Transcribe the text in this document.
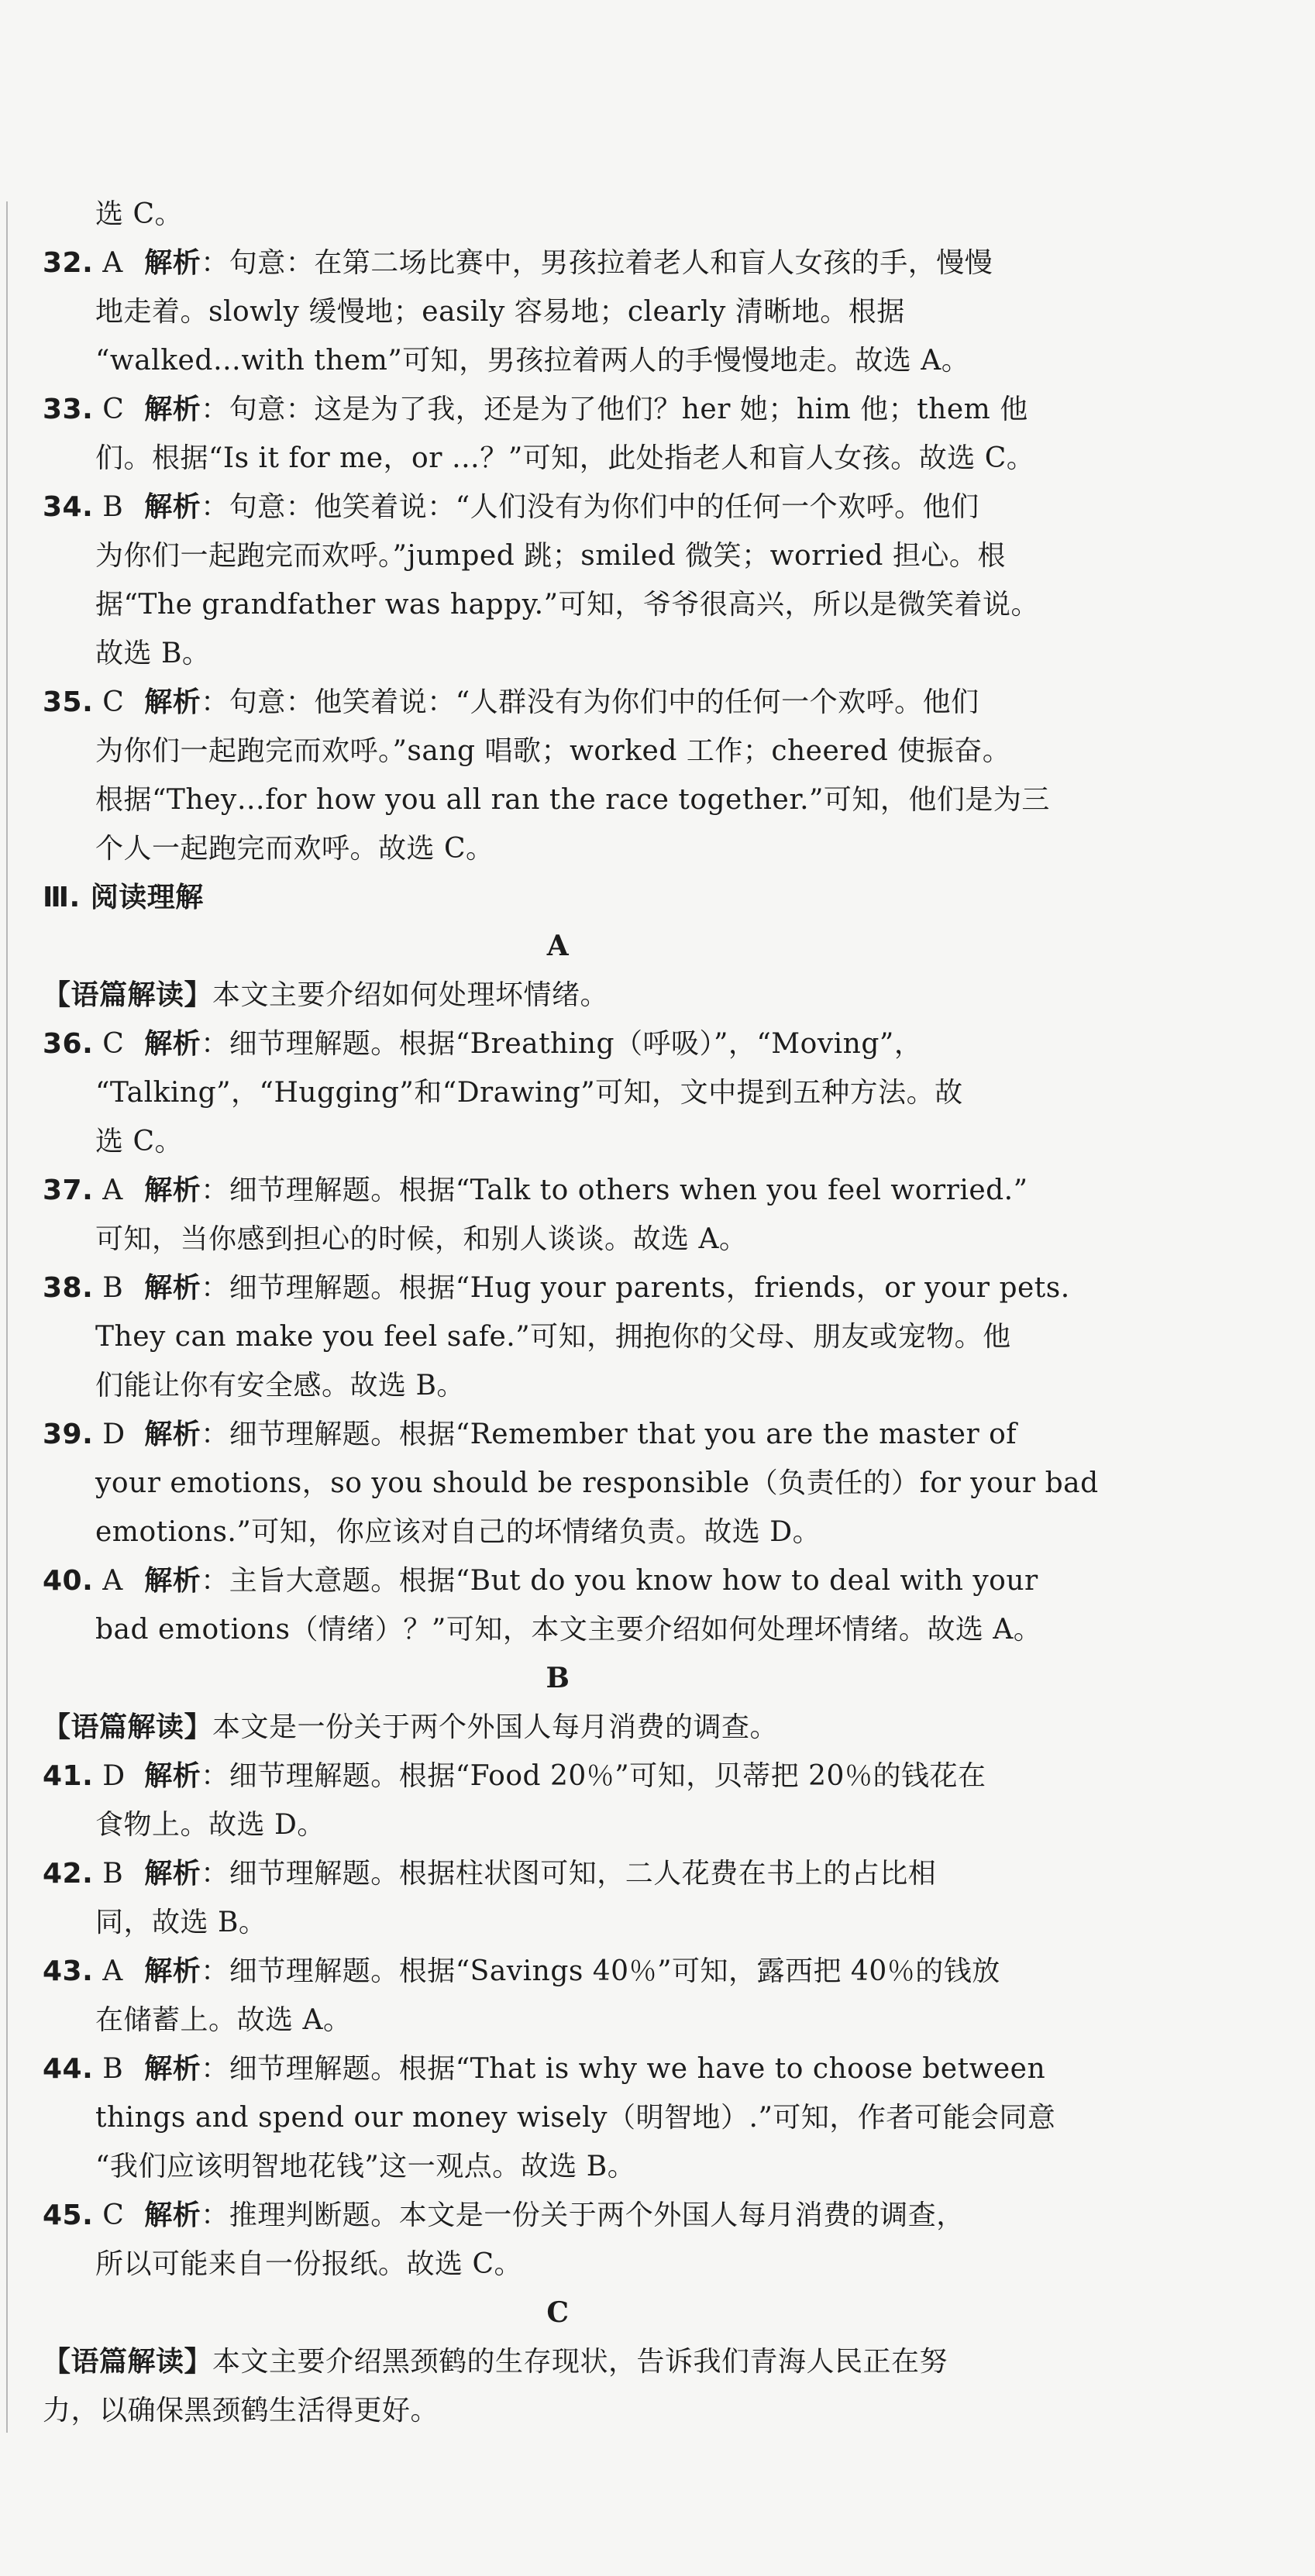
选 C。
32. A 解析：句意：在第二场比赛中，男孩拉着老人和盲人女孩的手，慢慢
地走着。slowly 缓慢地；easily 容易地；clearly 清晰地。根据
“walked…with them”可知，男孩拉着两人的手慢慢地走。故选 A。
33. C 解析：句意：这是为了我，还是为了他们？her 她；him 他；them 他
们。根据“Is it for me，or …？”可知，此处指老人和盲人女孩。故选 C。
34. B 解析：句意：他笑着说：“人们没有为你们中的任何一个欢呼。他们
为你们一起跑完而欢呼。”jumped 跳；smiled 微笑；worried 担心。根
据“The grandfather was happy.”可知，爷爷很高兴，所以是微笑着说。
故选 B。
35. C 解析：句意：他笑着说：“人群没有为你们中的任何一个欢呼。他们
为你们一起跑完而欢呼。”sang 唱歌；worked 工作；cheered 使振奋。
根据“They…for how you all ran the race together.”可知，他们是为三
个人一起跑完而欢呼。故选 C。
Ⅲ. 阅读理解
A
【语篇解读】本文主要介绍如何处理坏情绪。
36. C 解析：细节理解题。根据“Breathing（呼吸）”，“Moving”，
“Talking”，“Hugging”和“Drawing”可知，文中提到五种方法。故
选 C。
37. A 解析：细节理解题。根据“Talk to others when you feel worried.”
可知，当你感到担心的时候，和别人谈谈。故选 A。
38. B 解析：细节理解题。根据“Hug your parents，friends，or your pets.
They can make you feel safe.”可知，拥抱你的父母、朋友或宠物。他
们能让你有安全感。故选 B。
39. D 解析：细节理解题。根据“Remember that you are the master of
your emotions，so you should be responsible（负责任的）for your bad
emotions.”可知，你应该对自己的坏情绪负责。故选 D。
40. A 解析：主旨大意题。根据“But do you know how to deal with your
bad emotions（情绪）？”可知，本文主要介绍如何处理坏情绪。故选 A。
B
【语篇解读】本文是一份关于两个外国人每月消费的调查。
41. D 解析：细节理解题。根据“Food 20％”可知，贝蒂把 20％的钱花在
食物上。故选 D。
42. B 解析：细节理解题。根据柱状图可知，二人花费在书上的占比相
同，故选 B。
43. A 解析：细节理解题。根据“Savings 40％”可知，露西把 40％的钱放
在储蓄上。故选 A。
44. B 解析：细节理解题。根据“That is why we have to choose between
things and spend our money wisely（明智地）.”可知，作者可能会同意
“我们应该明智地花钱”这一观点。故选 B。
45. C 解析：推理判断题。本文是一份关于两个外国人每月消费的调查，
所以可能来自一份报纸。故选 C。
C
【语篇解读】本文主要介绍黑颈鹤的生存现状，告诉我们青海人民正在努
力，以确保黑颈鹤生活得更好。
